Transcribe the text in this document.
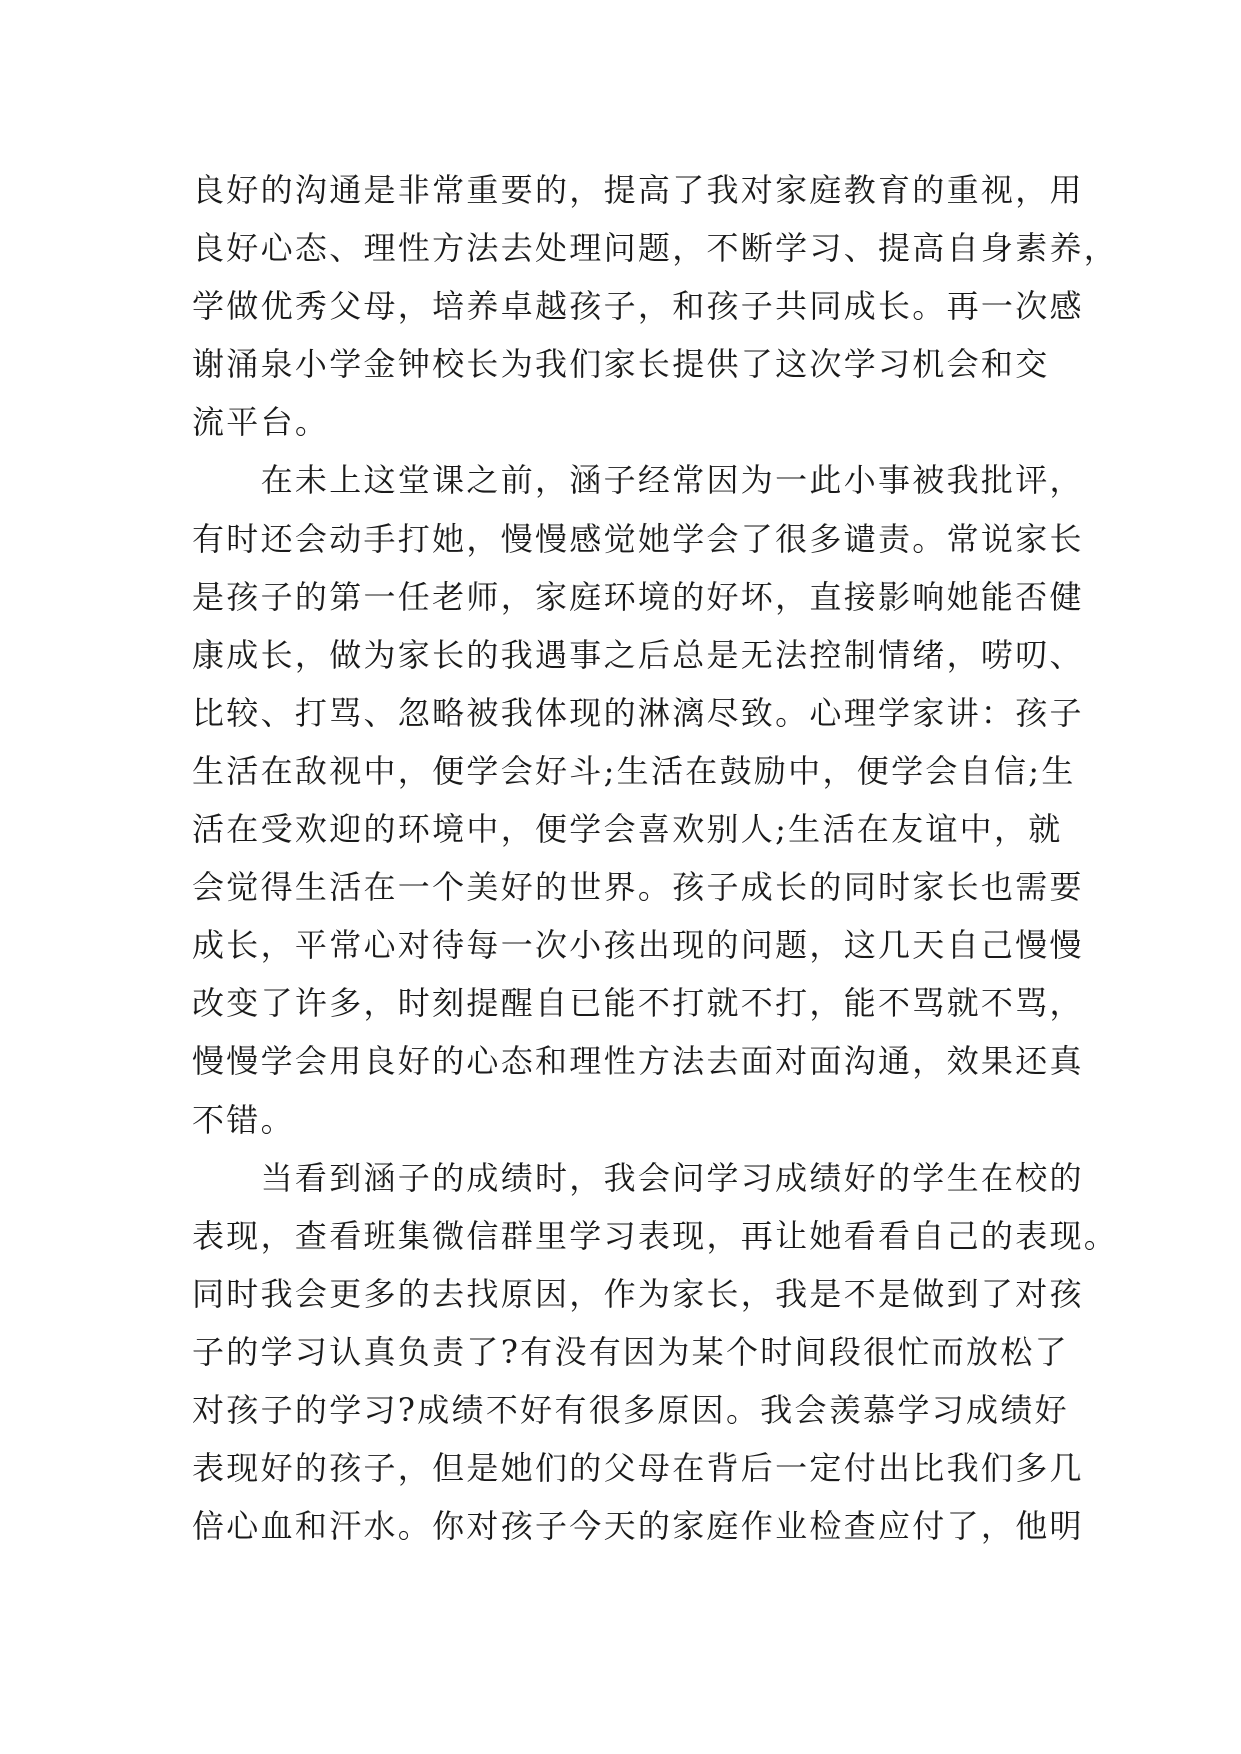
良好的沟通是非常重要的，提高了我对家庭教育的重视，用
良好心态、理性方法去处理问题，不断学习、提高自身素养，
学做优秀父母，培养卓越孩子，和孩子共同成长。再一次感
谢涌泉小学金钟校长为我们家长提供了这次学习机会和交
流平台。
　　在未上这堂课之前，涵子经常因为一此小事被我批评，
有时还会动手打她，慢慢感觉她学会了很多谴责。常说家长
是孩子的第一任老师，家庭环境的好坏，直接影响她能否健
康成长，做为家长的我遇事之后总是无法控制情绪，唠叨、
比较、打骂、忽略被我体现的淋漓尽致。心理学家讲：孩子
生活在敌视中，便学会好斗;生活在鼓励中，便学会自信;生
活在受欢迎的环境中，便学会喜欢别人;生活在友谊中，就
会觉得生活在一个美好的世界。孩子成长的同时家长也需要
成长，平常心对待每一次小孩出现的问题，这几天自己慢慢
改变了许多，时刻提醒自已能不打就不打，能不骂就不骂，
慢慢学会用良好的心态和理性方法去面对面沟通，效果还真
不错。
　　当看到涵子的成绩时，我会问学习成绩好的学生在校的
表现，查看班集微信群里学习表现，再让她看看自己的表现。
同时我会更多的去找原因，作为家长，我是不是做到了对孩
子的学习认真负责了?有没有因为某个时间段很忙而放松了
对孩子的学习?成绩不好有很多原因。我会羡慕学习成绩好
表现好的孩子，但是她们的父母在背后一定付出比我们多几
倍心血和汗水。你对孩子今天的家庭作业检查应付了，他明
